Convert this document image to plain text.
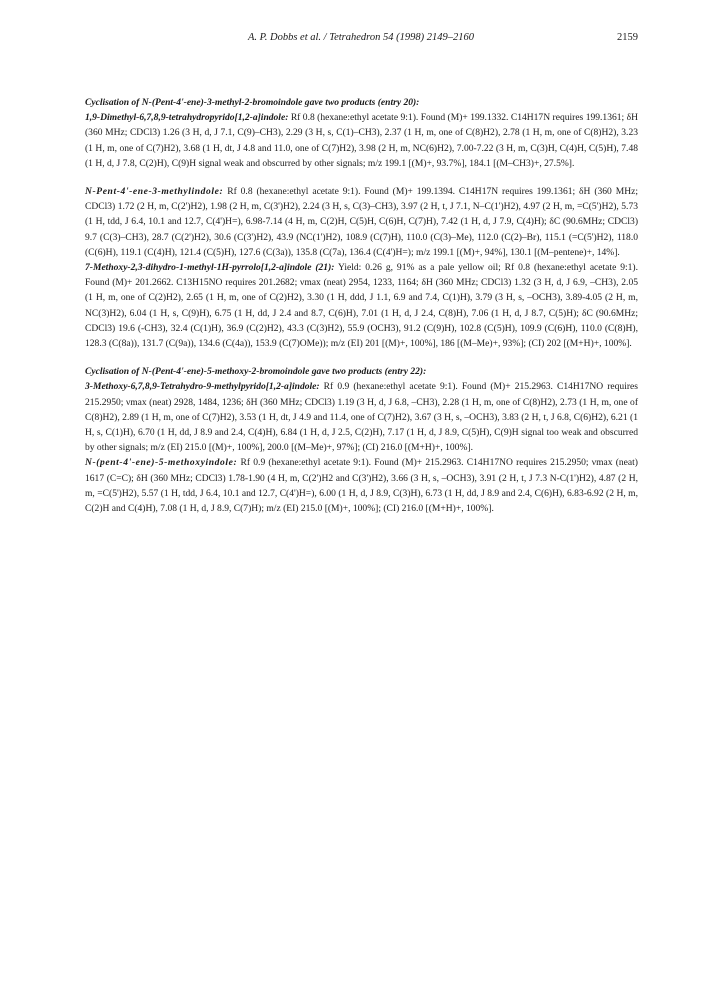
A. P. Dobbs et al. / Tetrahedron 54 (1998) 2149–2160	2159

Cyclisation of N-(Pent-4'-ene)-3-methyl-2-bromoindole gave two products (entry 20):

1,9-Dimethyl-6,7,8,9-tetrahydropyrido[1,2-a]indole: Rf 0.8 (hexane:ethyl acetate 9:1). Found (M)+ 199.1332. C14H17N requires 199.1361; δH (360 MHz; CDCl3) 1.26 (3 H, d, J 7.1, C(9)–CH3), 2.29 (3 H, s, C(1)–CH3), 2.37 (1 H, m, one of C(8)H2), 2.78 (1 H, m, one of C(8)H2), 3.23 (1 H, m, one of C(7)H2), 3.68 (1 H, dt, J 4.8 and 11.0, one of C(7)H2), 3.98 (2 H, m, NC(6)H2), 7.00-7.22 (3 H, m, C(3)H, C(4)H, C(5)H), 7.48 (1 H, d, J 7.8, C(2)H), C(9)H signal weak and obscurred by other signals; m/z 199.1 [(M)+, 93.7%], 184.1 [(M–CH3)+, 27.5%].

N-Pent-4'-ene-3-methylindole: Rf 0.8 (hexane:ethyl acetate 9:1). Found (M)+ 199.1394. C14H17N requires 199.1361; δH (360 MHz; CDCl3) 1.72 (2 H, m, C(2')H2), 1.98 (2 H, m, C(3')H2), 2.24 (3 H, s, C(3)–CH3), 3.97 (2 H, t, J 7.1, N–C(1')H2), 4.97 (2 H, m, =C(5')H2), 5.73 (1 H, tdd, J 6.4, 10.1 and 12.7, C(4')H=), 6.98-7.14 (4 H, m, C(2)H, C(5)H, C(6)H, C(7)H), 7.42 (1 H, d, J 7.9, C(4)H); δC (90.6MHz; CDCl3) 9.7 (C(3)–CH3), 28.7 (C(2')H2), 30.6 (C(3')H2), 43.9 (NC(1')H2), 108.9 (C(7)H), 110.0 (C(3)–Me), 112.0 (C(2)–Br), 115.1 (=C(5')H2), 118.0 (C(6)H), 119.1 (C(4)H), 121.4 (C(5)H), 127.6 (C(3a)), 135.8 (C(7a), 136.4 (C(4')H=); m/z 199.1 [(M)+, 94%], 130.1 [(M–pentene)+, 14%].

7-Methoxy-2,3-dihydro-1-methyl-1H-pyrrolo[1,2-a]indole (21): Yield: 0.26 g, 91% as a pale yellow oil; Rf 0.8 (hexane:ethyl acetate 9:1). Found (M)+ 201.2662. C13H15NO requires 201.2682; νmax (neat) 2954, 1233, 1164; δH (360 MHz; CDCl3) 1.32 (3 H, d, J 6.9, –CH3), 2.05 (1 H, m, one of C(2)H2), 2.65 (1 H, m, one of C(2)H2), 3.30 (1 H, ddd, J 1.1, 6.9 and 7.4, C(1)H), 3.79 (3 H, s, –OCH3), 3.89-4.05 (2 H, m, NC(3)H2), 6.04 (1 H, s, C(9)H), 6.75 (1 H, dd, J 2.4 and 8.7, C(6)H), 7.01 (1 H, d, J 2.4, C(8)H), 7.06 (1 H, d, J 8.7, C(5)H); δC (90.6MHz; CDCl3) 19.6 (-CH3), 32.4 (C(1)H), 36.9 (C(2)H2), 43.3 (C(3)H2), 55.9 (OCH3), 91.2 (C(9)H), 102.8 (C(5)H), 109.9 (C(6)H), 110.0 (C(8)H), 128.3 (C(8a)), 131.7 (C(9a)), 134.6 (C(4a)), 153.9 (C(7)OMe)); m/z (EI) 201 [(M)+, 100%], 186 [(M–Me)+, 93%]; (CI) 202 [(M+H)+, 100%].

Cyclisation of N-(Pent-4'-ene)-5-methoxy-2-bromoindole gave two products (entry 22):

3-Methoxy-6,7,8,9-Tetrahydro-9-methylpyrido[1,2-a]indole: Rf 0.9 (hexane:ethyl acetate 9:1). Found (M)+ 215.2963. C14H17NO requires 215.2950; νmax (neat) 2928, 1484, 1236; δH (360 MHz; CDCl3) 1.19 (3 H, d, J 6.8, –CH3), 2.28 (1 H, m, one of C(8)H2), 2.73 (1 H, m, one of C(8)H2), 2.89 (1 H, m, one of C(7)H2), 3.53 (1 H, dt, J 4.9 and 11.4, one of C(7)H2), 3.67 (3 H, s, –OCH3), 3.83 (2 H, t, J 6.8, C(6)H2), 6.21 (1 H, s, C(1)H), 6.70 (1 H, dd, J 8.9 and 2.4, C(4)H), 6.84 (1 H, d, J 2.5, C(2)H), 7.17 (1 H, d, J 8.9, C(5)H), C(9)H signal too weak and obscurred by other signals; m/z (EI) 215.0 [(M)+, 100%], 200.0 [(M–Me)+, 97%]; (CI) 216.0 [(M+H)+, 100%].

N-(pent-4'-ene)-5-methoxyindole: Rf 0.9 (hexane:ethyl acetate 9:1). Found (M)+ 215.2963. C14H17NO requires 215.2950; νmax (neat) 1617 (C=C); δH (360 MHz; CDCl3) 1.78-1.90 (4 H, m, C(2')H2 and C(3')H2), 3.66 (3 H, s, –OCH3), 3.91 (2 H, t, J 7.3 N-C(1')H2), 4.87 (2 H, m, =C(5')H2), 5.57 (1 H, tdd, J 6.4, 10.1 and 12.7, C(4')H=), 6.00 (1 H, d, J 8.9, C(3)H), 6.73 (1 H, dd, J 8.9 and 2.4, C(6)H), 6.83-6.92 (2 H, m, C(2)H and C(4)H), 7.08 (1 H, d, J 8.9, C(7)H); m/z (EI) 215.0 [(M)+, 100%]; (CI) 216.0 [(M+H)+, 100%].
